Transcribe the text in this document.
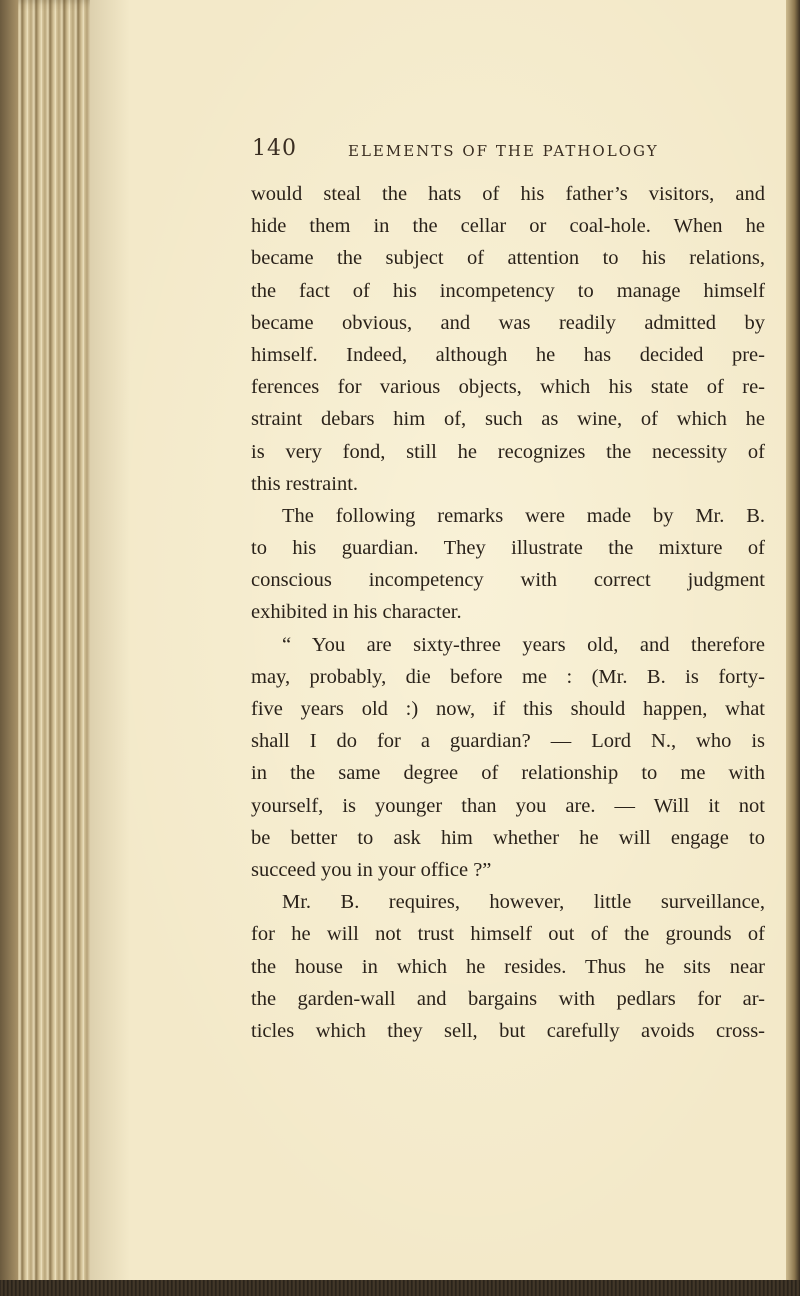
140	ELEMENTS OF THE PATHOLOGY
would steal the hats of his father’s visitors, and
hide them in the cellar or coal-hole. When he
became the subject of attention to his relations,
the fact of his incompetency to manage himself
became obvious, and was readily admitted by
himself. Indeed, although he has decided pre-
ferences for various objects, which his state of re-
straint debars him of, such as wine, of which he
is very fond, still he recognizes the necessity of
this restraint.
The following remarks were made by Mr. B.
to his guardian. They illustrate the mixture of
conscious incompetency with correct judgment
exhibited in his character.
“ You are sixty-three years old, and therefore
may, probably, die before me : (Mr. B. is forty-
five years old :) now, if this should happen, what
shall I do for a guardian? — Lord N., who is
in the same degree of relationship to me with
yourself, is younger than you are. — Will it not
be better to ask him whether he will engage to
succeed you in your office ?”
Mr. B. requires, however, little surveillance,
for he will not trust himself out of the grounds of
the house in which he resides. Thus he sits near
the garden-wall and bargains with pedlars for ar-
ticles which they sell, but carefully avoids cross-
